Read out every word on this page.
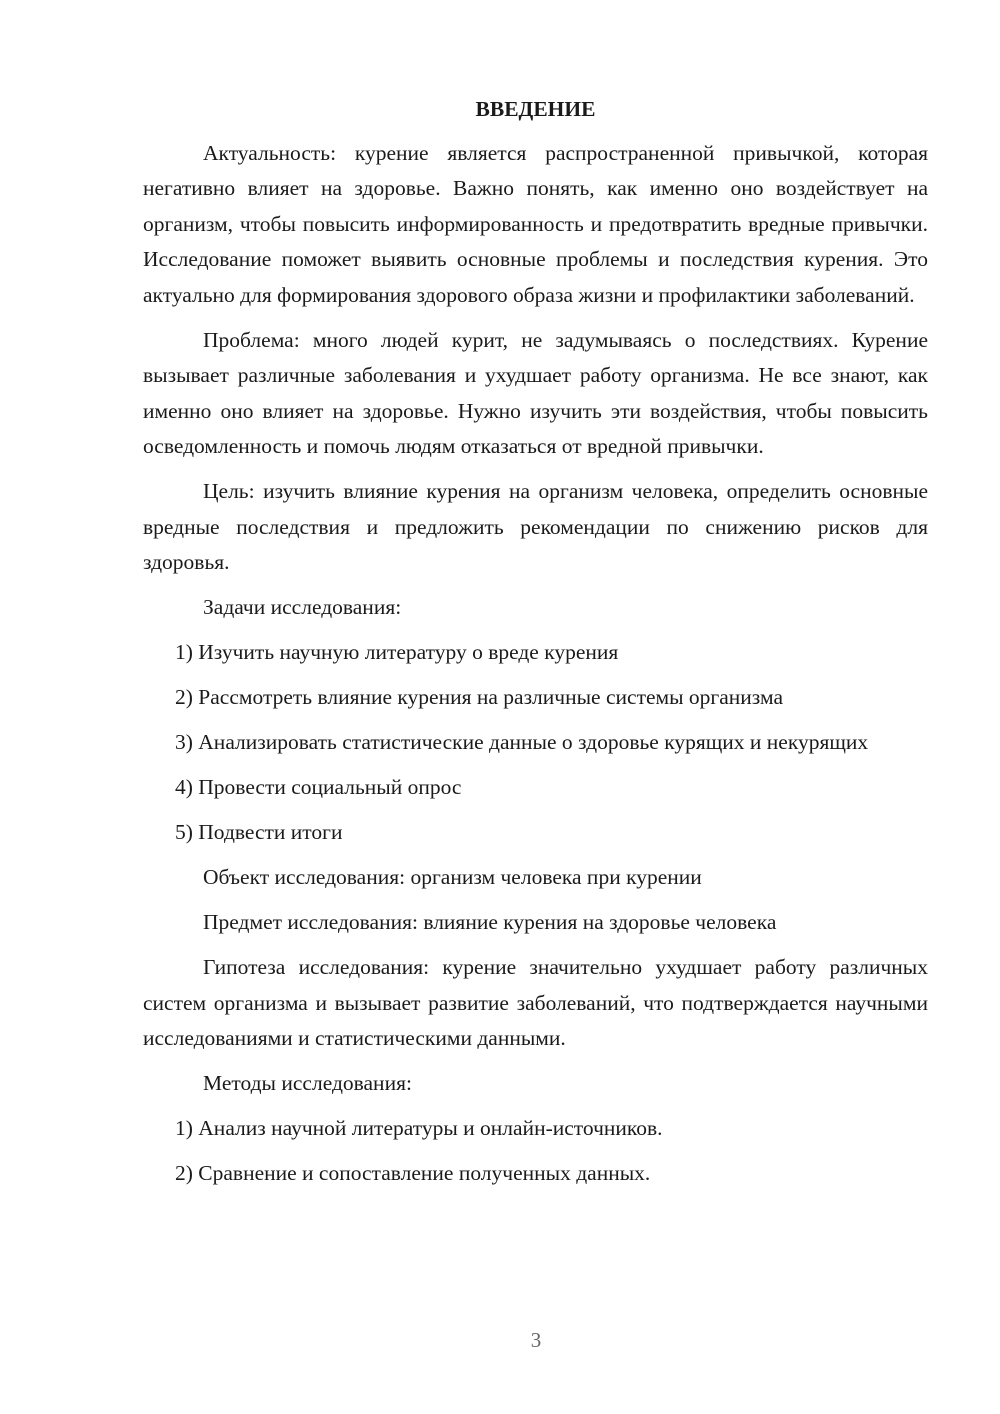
ВВЕДЕНИЕ
Актуальность: курение является распространенной привычкой, которая негативно влияет на здоровье. Важно понять, как именно оно воздействует на организм, чтобы повысить информированность и предотвратить вредные привычки. Исследование поможет выявить основные проблемы и последствия курения. Это актуально для формирования здорового образа жизни и профилактики заболеваний.
Проблема: много людей курит, не задумываясь о последствиях. Курение вызывает различные заболевания и ухудшает работу организма. Не все знают, как именно оно влияет на здоровье. Нужно изучить эти воздействия, чтобы повысить осведомленность и помочь людям отказаться от вредной привычки.
Цель: изучить влияние курения на организм человека, определить основные вредные последствия и предложить рекомендации по снижению рисков для здоровья.
Задачи исследования:
1) Изучить научную литературу о вреде курения
2) Рассмотреть влияние курения на различные системы организма
3) Анализировать статистические данные о здоровье курящих и некурящих
4) Провести социальный опрос
5) Подвести итоги
Объект исследования: организм человека при курении
Предмет исследования: влияние курения на здоровье человека
Гипотеза исследования: курение значительно ухудшает работу различных систем организма и вызывает развитие заболеваний, что подтверждается научными исследованиями и статистическими данными.
Методы исследования:
1) Анализ научной литературы и онлайн-источников.
2) Сравнение и сопоставление полученных данных.
3
